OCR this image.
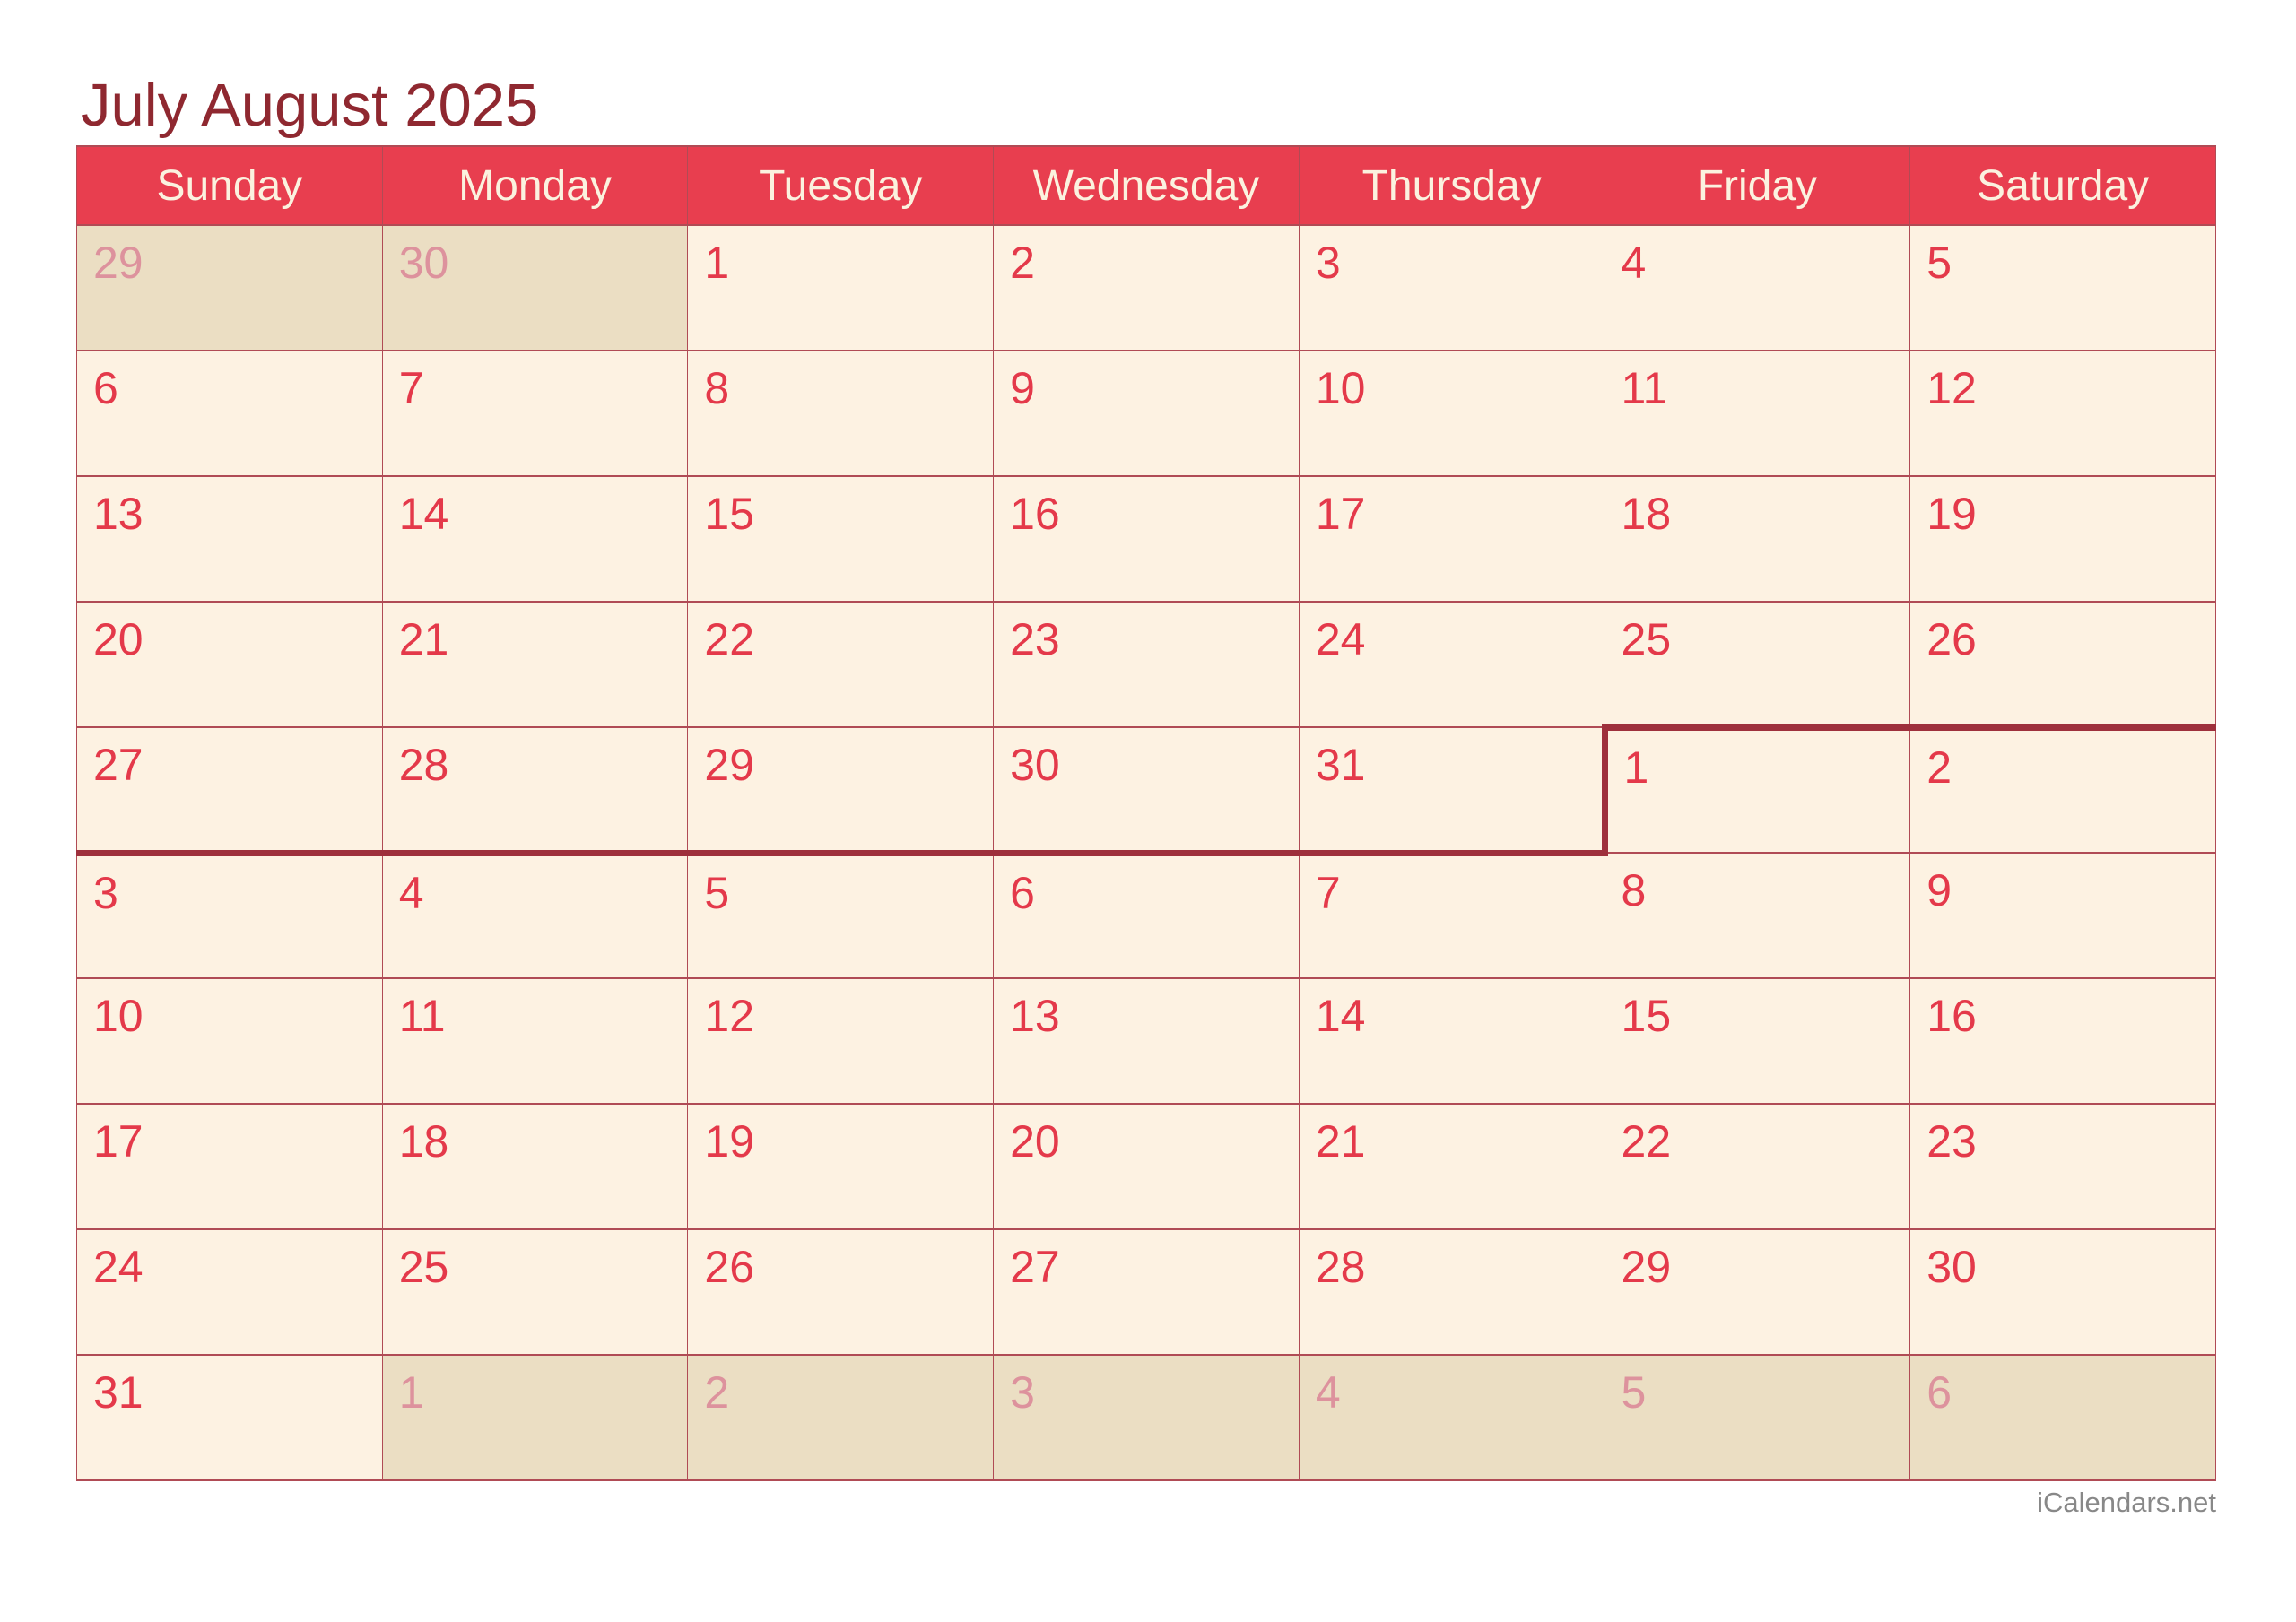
July August 2025
Sunday	Monday	Tuesday	Wednesday	Thursday	Friday	Saturday
29	30	1	2	3	4	5
6	7	8	9	10	11	12
13	14	15	16	17	18	19
20	21	22	23	24	25	26
27	28	29	30	31	1	2
3	4	5	6	7	8	9
10	11	12	13	14	15	16
17	18	19	20	21	22	23
24	25	26	27	28	29	30
31	1	2	3	4	5	6
iCalendars.net
